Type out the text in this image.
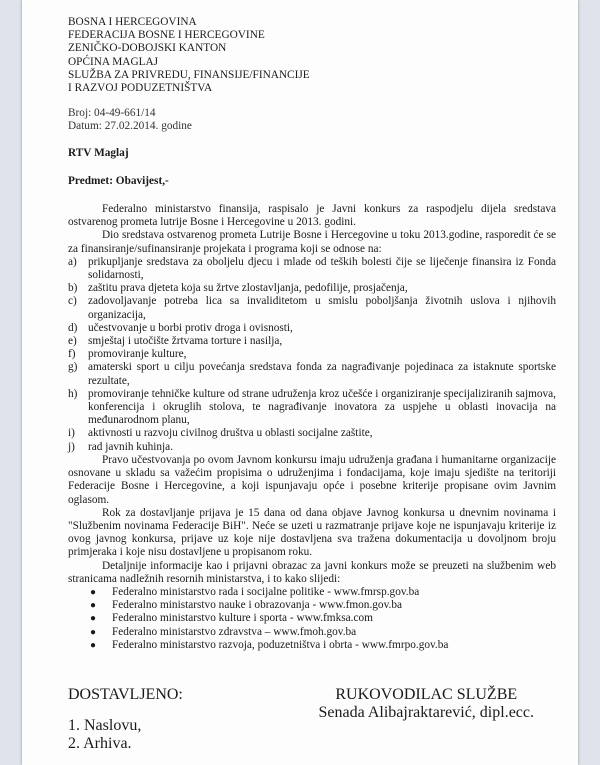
BOSNA I HERCEGOVINA
FEDERACIJA BOSNE I HERCEGOVINE
ZENIČKO-DOBOJSKI KANTON
OPĆINA MAGLAJ
SLUŽBA ZA PRIVREDU, FINANSIJE/FINANCIJE
I RAZVOJ PODUZETNIŠTVA
Broj: 04-49-661/14
Datum: 27.02.2014. godine
RTV Maglaj
Predmet: Obavijest,-

Federalno ministarstvo finansija, raspisalo je Javni konkurs za raspodjelu dijela sredstava ostvarenog prometa lutrije Bosne i Hercegovine u 2013. godini.

Dio sredstava ostvarenog prometa Lutrije Bosne i Hercegovine u toku 2013.godine, rasporedit će se za finansiranje/sufinansiranje projekata i programa koji se odnose na:

a) prikupljanje sredstava za oboljelu djecu i mlade od teških bolesti čije se liječenje finansira iz Fonda solidarnosti,
b) zaštitu prava djeteta koja su žrtve zlostavljanja, pedofilije, prosjačenja,
c) zadovoljavanje potreba lica sa invaliditetom u smislu poboljšanja životnih uslova i njihovih organizacija,
d) učestvovanje u borbi protiv droga i ovisnosti,
e) smještaj i utočište žrtvama torture i nasilja,
f)	promoviranje kulture,
g) amaterski sport u cilju povećanja sredstava fonda za nagrađivanje pojedinaca za istaknute sportske rezultate,
h) promoviranje tehničke kulture od strane udruženja kroz učešće i organiziranje specijaliziranih sajmova, konferencija i okruglih stolova, te nagrađivanje inovatora za uspjehe u oblasti inovacija na međunarodnom planu,
i)	aktivnosti u razvoju civilnog društva u oblasti socijalne zaštite,
j)	rad javnih kuhinja.

Pravo učestvovanja po ovom Javnom konkursu imaju udruženja građana i humanitarne organizacije osnovane u skladu sa važećim propisima o udruženjima i fondacijama, koje imaju sjedište na teritoriji Federacije Bosne i Hercegovine, a koji ispunjavaju opće i posebne kriterije propisane ovim Javnim oglasom.

Rok za dostavljanje prijava je 15 dana od dana objave Javnog konkursa u dnevnim novinama i "Službenim novinama Federacije BiH". Neće se uzeti u razmatranje prijave koje ne ispunjavaju kriterije iz ovog javnog konkursa, prijave uz koje nije dostavljena sva tražena dokumentacija u dovoljnom broju primjeraka i koje nisu dostavljene u propisanom roku.

Detaljnije informacije kao i prijavni obrazac za javni konkurs može se preuzeti na službenim web stranicama nadležnih resornih ministarstva, i to kako slijedi:

●	Federalno ministarstvo rada i socijalne politike - www.fmrsp.gov.ba
●	Federalno ministarstvo nauke i obrazovanja - www.fmon.gov.ba
●	Federalno ministarstvo kulture i sporta - www.fmksa.com
●	Federalno ministarstvo zdravstva – www.fmoh.gov.ba
●	Federalno ministarstvo razvoja, poduzetništva i obrta - www.fmrpo.gov.ba
DOSTAVLJENO:
1. Naslovu,
2. Arhiva.
RUKOVODILAC SLUŽBE
Senada Alibajraktarević, dipl.ecc.
